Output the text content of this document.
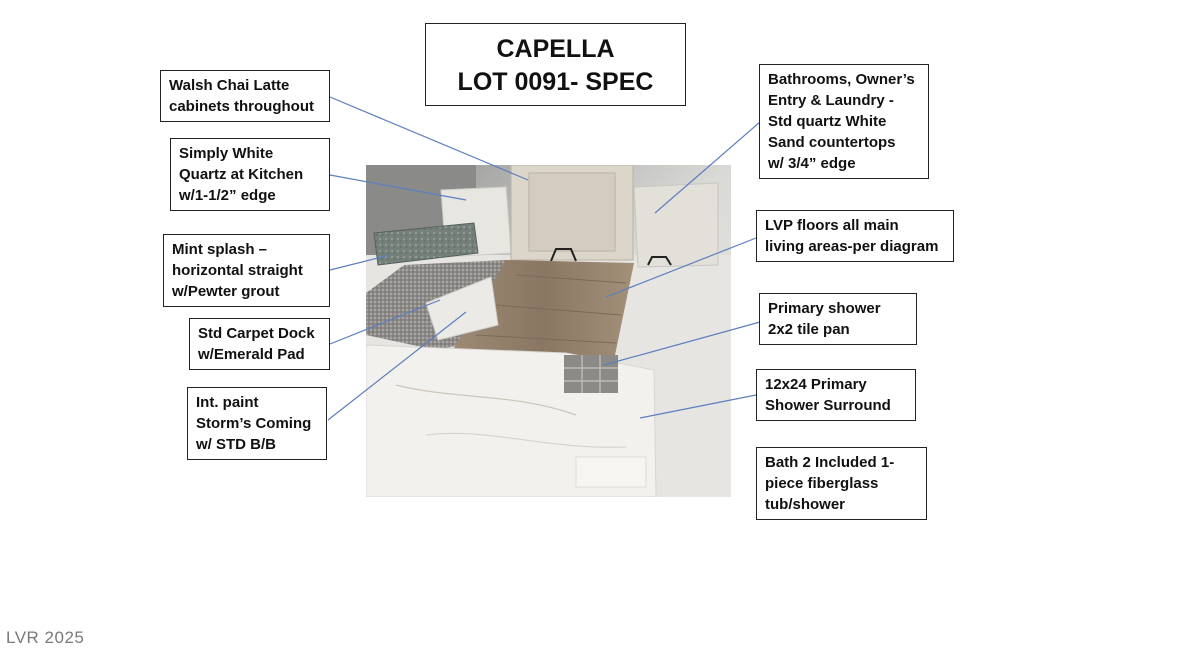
CAPELLA
LOT 0091- SPEC
Walsh Chai Latte
cabinets throughout
Simply White
Quartz at Kitchen
w/1-1/2” edge
Mint splash –
horizontal straight
w/Pewter grout
Std Carpet Dock
w/Emerald Pad
Int. paint
Storm’s Coming
w/ STD B/B
Bathrooms, Owner’s
Entry & Laundry -
Std quartz White
Sand countertops
w/ 3/4” edge
LVP floors all main
living areas-per diagram
Primary shower
2x2 tile pan
12x24 Primary
Shower Surround
Bath 2 Included 1-
piece fiberglass
tub/shower
LVR 2025
